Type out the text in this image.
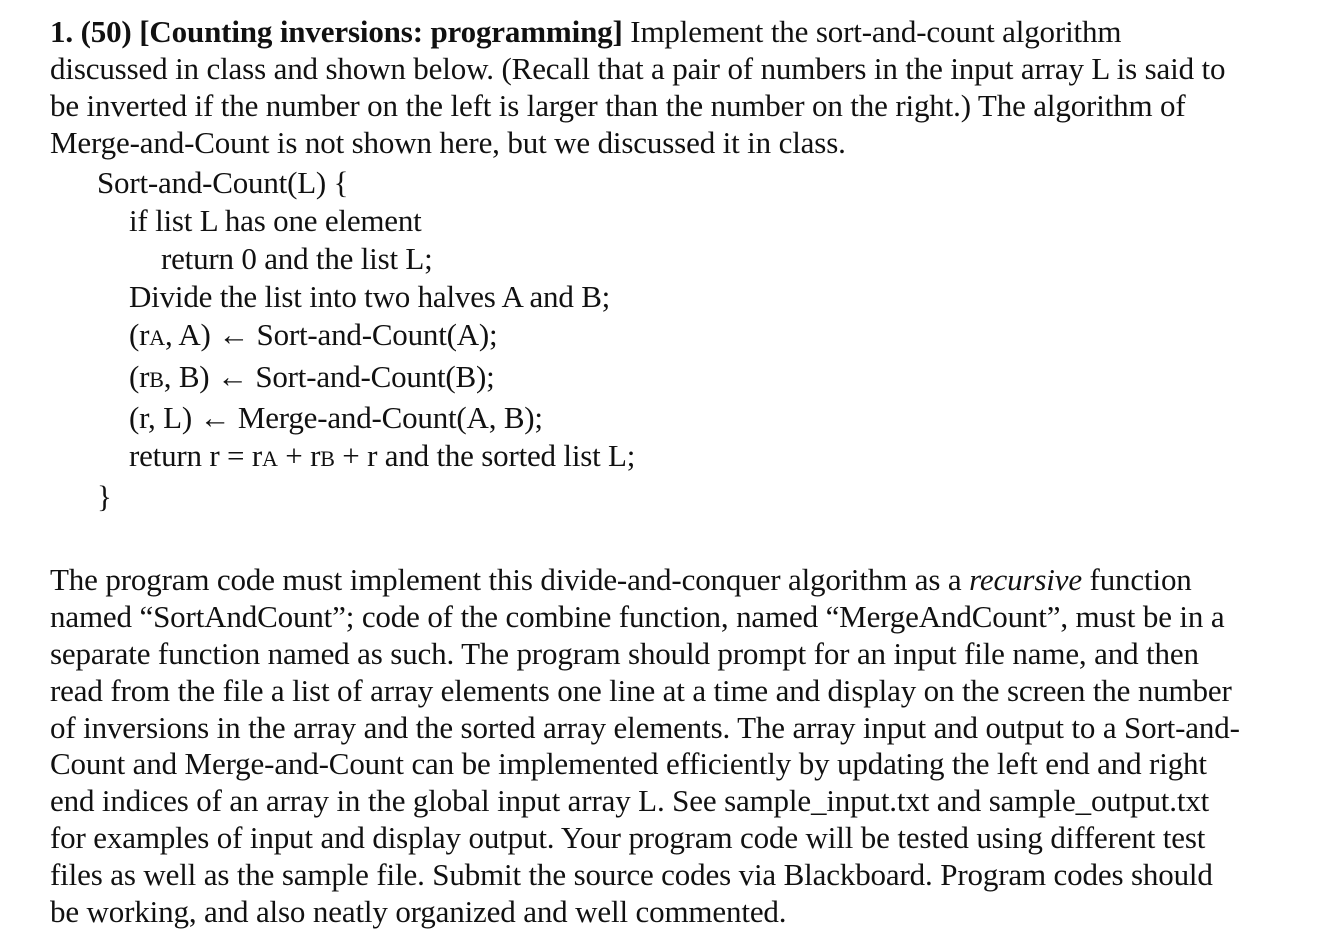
1. (50) [Counting inversions: programming] Implement the sort-and-count algorithm
discussed in class and shown below. (Recall that a pair of numbers in the input array L is said to
be inverted if the number on the left is larger than the number on the right.) The algorithm of
Merge-and-Count is not shown here, but we discussed it in class.
Sort-and-Count(L) {
if list L has one element
return 0 and the list L;
Divide the list into two halves A and B;
(rA, A) ← Sort-and-Count(A);
(rB, B) ← Sort-and-Count(B);
(r, L) ← Merge-and-Count(A, B);
return r = rA + rB + r and the sorted list L;
}
The program code must implement this divide-and-conquer algorithm as a recursive function
named “SortAndCount”; code of the combine function, named “MergeAndCount”, must be in a
separate function named as such. The program should prompt for an input file name, and then
read from the file a list of array elements one line at a time and display on the screen the number
of inversions in the array and the sorted array elements. The array input and output to a Sort-and-
Count and Merge-and-Count can be implemented efficiently by updating the left end and right
end indices of an array in the global input array L. See sample_input.txt and sample_output.txt
for examples of input and display output. Your program code will be tested using different test
files as well as the sample file. Submit the source codes via Blackboard. Program codes should
be working, and also neatly organized and well commented.
